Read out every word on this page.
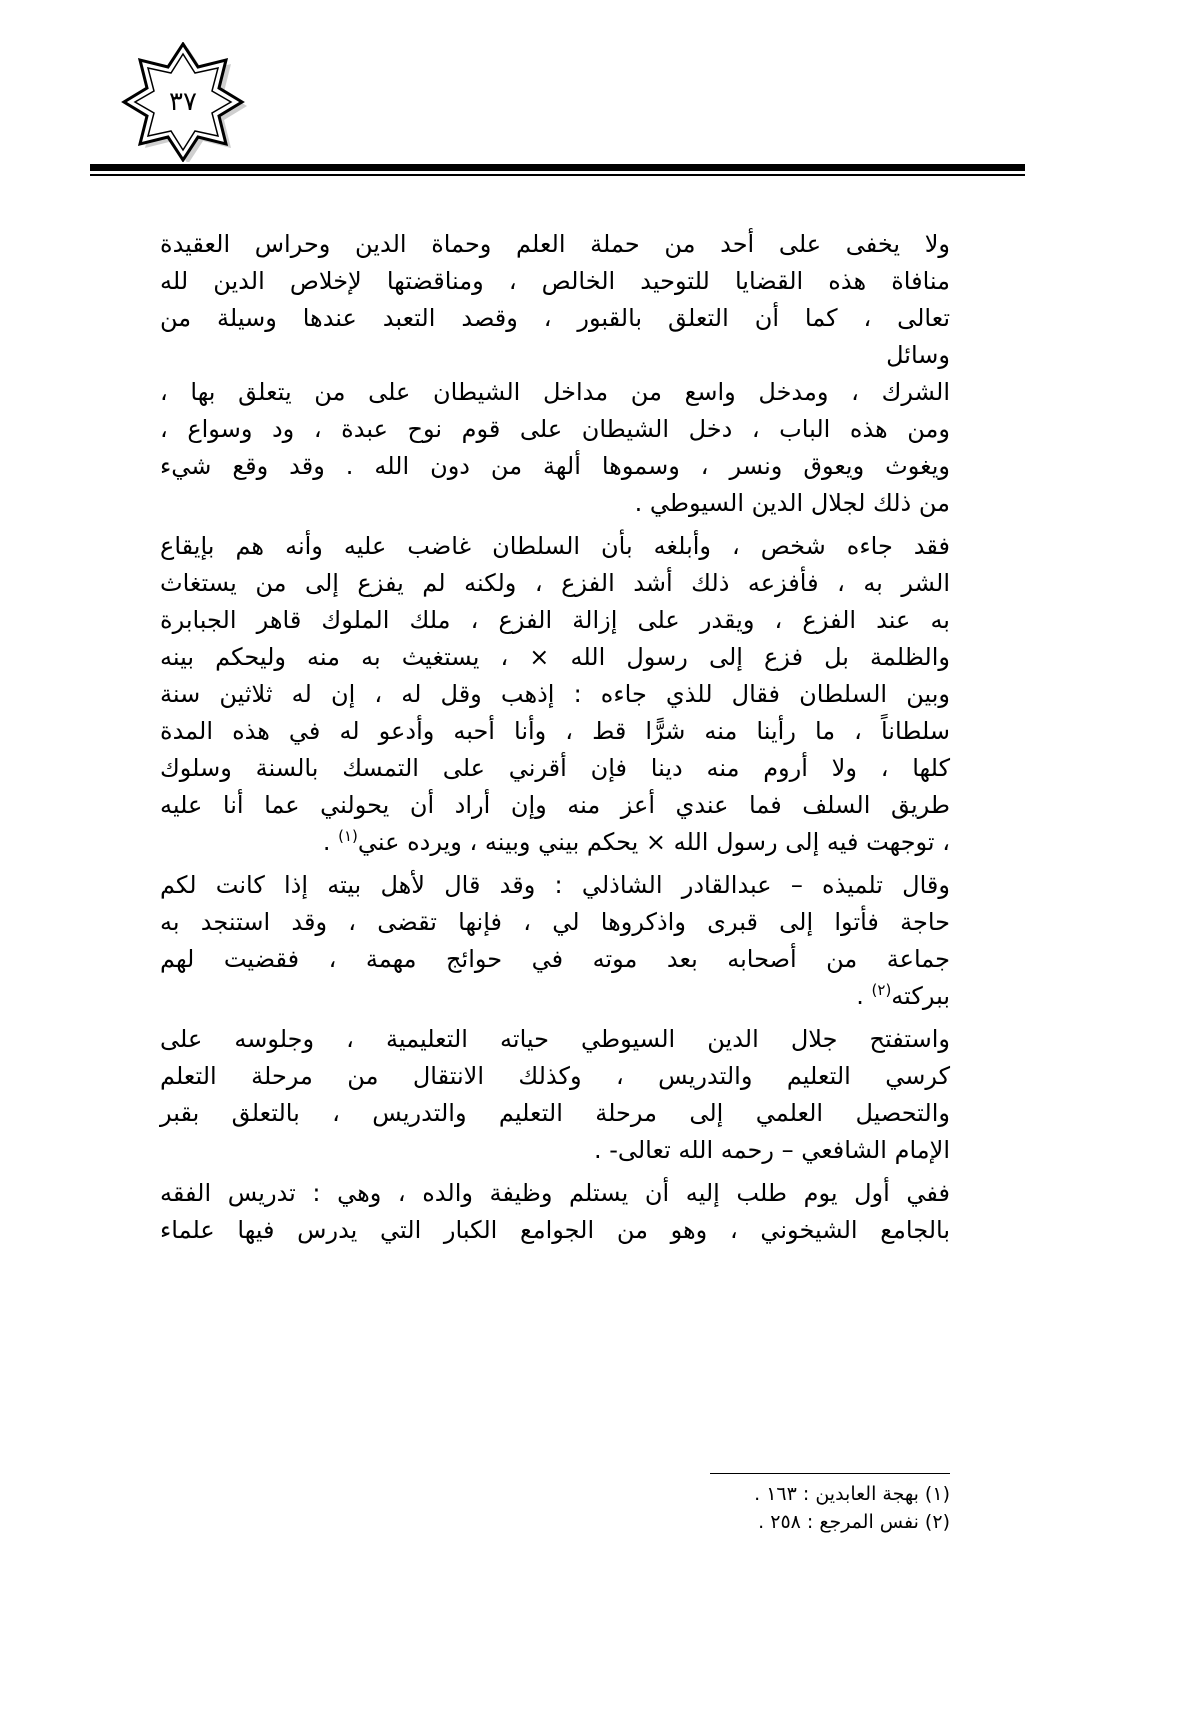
٣٧
ولا يخفى على أحد من حملة العلم وحماة الدين وحراس العقيدة
منافاة هذه القضايا للتوحيد الخالص ، ومناقضتها لإخلاص الدين لله
تعالى ، كما أن التعلق بالقبور ، وقصد التعبد عندها وسيلة من
وسائل
الشرك ، ومدخل واسع من مداخل الشيطان على من يتعلق بها ،
ومن هذه الباب ، دخل الشيطان على قوم نوح عبدة ، ود وسواع ،
ويغوث ويعوق ونسر ، وسموها ألهة من دون الله . وقد وقع شيء
من ذلك لجلال الدين السيوطي .
فقد جاءه شخص ، وأبلغه بأن السلطان غاضب عليه وأنه هم بإيقاع
الشر به ، فأفزعه ذلك أشد الفزع ، ولكنه لم يفزع إلى من يستغاث
به عند الفزع ، ويقدر على إزالة الفزع ، ملك الملوك قاهر الجبابرة
والظلمة بل فزع إلى رسول الله × ، يستغيث به منه وليحكم بينه
وبين السلطان فقال للذي جاءه : إذهب وقل له ، إن له ثلاثين سنة
سلطاناً ، ما رأينا منه شرًّا قط ، وأنا أحبه وأدعو له في هذه المدة
كلها ، ولا أروم منه دينا فإن أقرني على التمسك بالسنة وسلوك
طريق السلف فما عندي أعز منه وإن أراد أن يحولني عما أنا عليه
، توجهت فيه إلى رسول الله × يحكم بيني وبينه ، ويرده عني$^{(١)}$ .
وقال تلميذه – عبدالقادر الشاذلي : وقد قال لأهل بيته إذا كانت لكم
حاجة فأتوا إلى قبرى واذكروها لي ، فإنها تقضى ، وقد استنجد به
جماعة من أصحابه بعد موته في حوائج مهمة ، فقضيت لهم
ببركته$^{(٢)}$ .
واستفتح جلال الدين السيوطي حياته التعليمية ، وجلوسه على
كرسي التعليم والتدريس ، وكذلك الانتقال من مرحلة التعلم
والتحصيل العلمي إلى مرحلة التعليم والتدريس ، بالتعلق بقبر
الإمام الشافعي – رحمه الله تعالى- .
ففي أول يوم طلب إليه أن يستلم وظيفة والده ، وهي : تدريس الفقه
بالجامع الشيخوني ، وهو من الجوامع الكبار التي يدرس فيها علماء
(١) بهجة العابدين : ١٦٣ .
(٢) نفس المرجع : ٢٥٨ .
